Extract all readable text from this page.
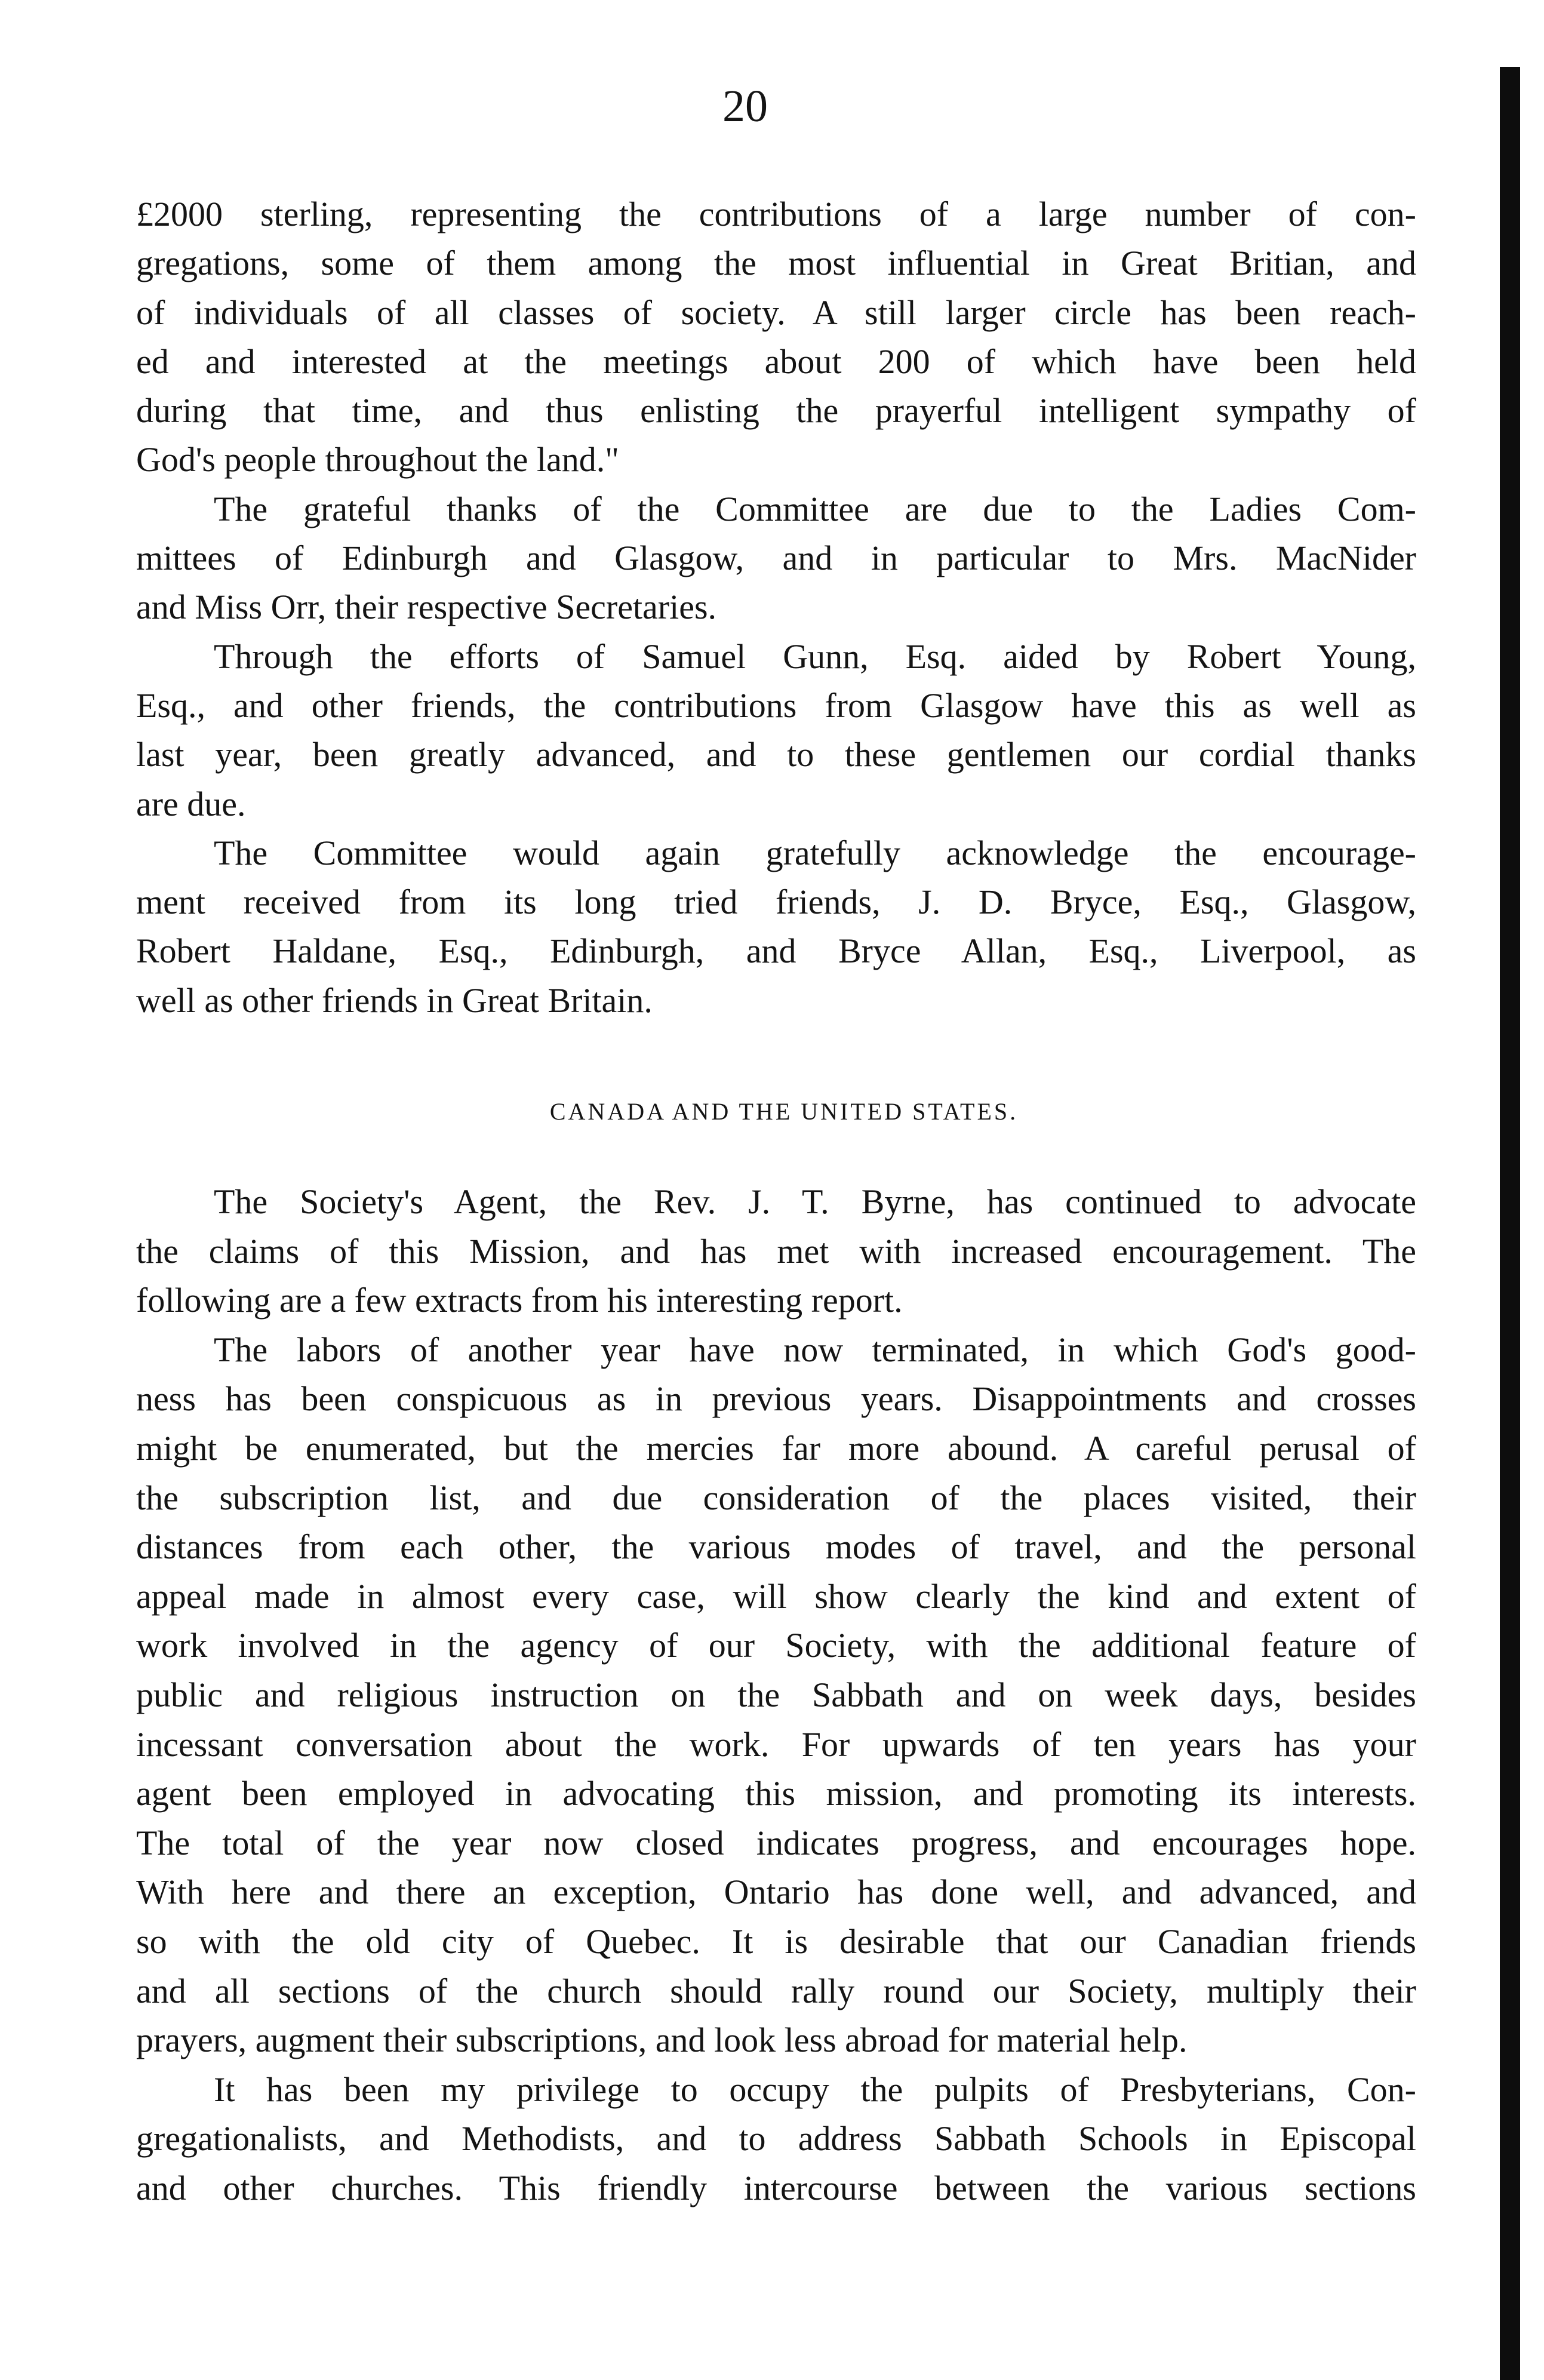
20
£2000 sterling, representing the contributions of a large number of con-
gregations, some of them among the most influential in Great Britian, and
of individuals of all classes of society. A still larger circle has been reach-
ed and interested at the meetings about 200 of which have been held
during that time, and thus enlisting the prayerful intelligent sympathy of
God's people throughout the land."
The grateful thanks of the Committee are due to the Ladies Com-
mittees of Edinburgh and Glasgow, and in particular to Mrs. MacNider
and Miss Orr, their respective Secretaries.
Through the efforts of Samuel Gunn, Esq. aided by Robert Young,
Esq., and other friends, the contributions from Glasgow have this as well as
last year, been greatly advanced, and to these gentlemen our cordial thanks
are due.
The Committee would again gratefully acknowledge the encourage-
ment received from its long tried friends, J. D. Bryce, Esq., Glasgow,
Robert Haldane, Esq., Edinburgh, and Bryce Allan, Esq., Liverpool, as
well as other friends in Great Britain.
CANADA AND THE UNITED STATES.
The Society's Agent, the Rev. J. T. Byrne, has continued to advocate
the claims of this Mission, and has met with increased encouragement. The
following are a few extracts from his interesting report.
The labors of another year have now terminated, in which God's good-
ness has been conspicuous as in previous years. Disappointments and crosses
might be enumerated, but the mercies far more abound. A careful perusal of
the subscription list, and due consideration of the places visited, their
distances from each other, the various modes of travel, and the personal
appeal made in almost every case, will show clearly the kind and extent of
work involved in the agency of our Society, with the additional feature of
public and religious instruction on the Sabbath and on week days, besides
incessant conversation about the work. For upwards of ten years has your
agent been employed in advocating this mission, and promoting its interests.
The total of the year now closed indicates progress, and encourages hope.
With here and there an exception, Ontario has done well, and advanced, and
so with the old city of Quebec. It is desirable that our Canadian friends
and all sections of the church should rally round our Society, multiply their
prayers, augment their subscriptions, and look less abroad for material help.
It has been my privilege to occupy the pulpits of Presbyterians, Con-
gregationalists, and Methodists, and to address Sabbath Schools in Episcopal
and other churches. This friendly intercourse between the various sections
